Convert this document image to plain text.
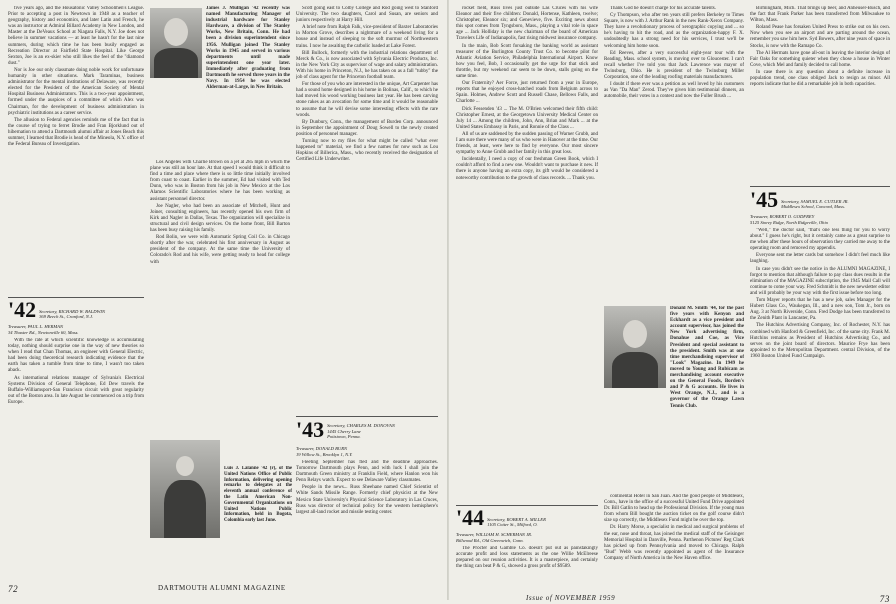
five years ago, and the Housatonic Valley Schoolmen's League. Prior to accepting a post in Newtown in 1948 as a teacher of geography, history and economics, and later Latin and French, he was an instructor at Admiral Billard Academy in New London, and Master at the DeVeaux School at Niagara Falls, N.Y. Joe does not believe in summer vacations — at least he hasn't for the last nine summers, during which time he has been busily engaged as Recreation Director at Fairfield State Hospital. Like George Sexton, Joe is an ex-skier who still likes the feel of the "diamond dust."

Nor is Joe our only classmate doing noble work for unfortunate humanity in other situations. Mark Taraminas, business administrator for the mental institutions of Delaware, was recently elected for the President of the American Society of Mental Hospital Business Administrators. This is a two-year appointment, formed under the auspices of a committee of which Alex was Chairman, for the development of business administration in psychiatric institutions as a career service.

The allusion to Federal agencies reminds me of the fact that in the course of trying to ferret Brodie and Fran Bjorklund out of hibernation to attend a Dartmouth alumni affair at Jones Beach this summer, I learned that Brodie is head of the Mineola, N.Y. office of the Federal Bureau of Investigation.

'42 Secretary, RICHARD W. BALDWIN
369 Beech St., Cranford, N.J.
Treasurer, PAUL L. HERMAN
34 Thaxter Rd., Newtonville 60, Mass.

With the rate at which scientific knowledge is accumulating today, nothing should surprise one in the way of new theories so when I read that Chan Thomas, an engineer with General Electric, had been doing theoretical research indicating evidence that the earth has taken a tumble from time to time, I wasn't too taken aback.

As international relations manager of Sylvania's Electrical Systems Division of General Telephone, Ed Dew travels the Buffalo-Williamsport-San Francisco circuit with great regularity out of the Boston area. In late August he commenced on a trip from Europe.

James J. Mulligan '42 recently was named Manufacturing Manager of industrial hardware for Stanley Hardware, a division of The Stanley Works, New Britain, Conn. He had been a division superintendent since 1956. Mulligan joined The Stanley Works in 1945 and served in various departments until made superintendent one year later. Immediately after graduating from Dartmouth he served three years in the Navy. In 1954 he was elected Alderman-at-Large, in New Britain.

Los Angeles with Charlie Brown on a jet at 285 mph in which the plane was still an hour late. At that speed I would think it difficult to find a time and place where there is so little time initially involved from coast to coast. Earlier in the summer, Ed had visited with Ted Dunn, who was in Boston from his job in New Mexico at the Los Alamos Scientific Laboratories where he has been working as assistant personnel director.

Joe Nagler, who had been an associate of Mitchell, Hunt and Joiner, consulting engineers, has recently opened his own firm of Kirk and Nagler in Dallas, Texas. The organization will specialize in structural and civil design services. On the home front, Bill Barton has been busy raising his family.

Rod Bolin, we were with Automatic Spring Coil Co. in Chicago shortly after the war, celebrated his first anniversary in August as president of the company. At the same time the University of Colorado's Rod and his wife, were getting ready to head for college with

Luis J. Lalanne '42 (r), of the United Nations Office of Public Information, delivering opening remarks to delegates at the eleventh annual conference of the Latin American Non-Governmental Organizations on United Nations Public Information, held in Bogota, Colombia early last June.

Scott going east to Colby College and Rod going west to Stanford University. The two daughters, Carol and Susan, are seniors and juniors respectively at Harry Hill.

A brief note from Ralph Falk, vice-president of Baxter Laboratories in Morton Grove, describes a nightmare of a weekend living for a house and instead of sleeping to the soft murmur of Northwestern trains. I now he awaiting the carbolic loaded at Lake Forest.

Bill Bullock, formerly with the industrial relations department of Merck & Co., is now associated with Sylvania Electric Products, Inc. in the New York City as supervisor of wage and salary administration. With his home in Princeton, N.J., he has taken on as a fall "tubby" the job of class agent for the Princeton football team.

For those of you who are interested in the unique, Art Carpenter has had a sound home designed in his home in Bolinas, Calif., to which he had moved his wood working business last year. He has been carving stone rakes as an avocation for some time and it would be reasonable to assume that he will devise some interesting effects with the rare woods.

By Dunbury, Conn., the management of Burden Corp. announced in September the appointment of Doug Sowell to the newly created position of personnel manager.

Turning now to my files for what might be called "what ever happened to" material, we find a few names for now such as Lou Hopkins of Billerica, Mass., who recently received the designation of Certified Life Underwriter.

'43 Secretary, CHARLES M. DONOVAN
1445 Cherry Lane
Pottstown, Penna.
Treasurer, DONALD BURN
19 Willow St., Brooklyn 1, N.Y.

Fleeting September has fled and the deadline approaches. Tomorrow Dartmouth plays Penn, and with luck I shall join the Dartmouth Green ministry at Franklin Field, where Hanlon won his Penn Relays watch. Expect to see Delaware Valley classmates.

People in the news... Russ Sheehane named Chief Scientist of White Sands Missile Range. Formerly chief physicist at the New Mexico State University's Physical Science Laboratory in Las Cruces, Russ was director of technical policy for the western hemisphere's largest all-land rocket and missile testing center.

72	DARTMOUTH ALUMNI MAGAZINE

rocket field, Russ lives just outside Las Cruces with his wife Eleanor and their five children: Donald, Hortense, Kathleen, twelve; Christopher, Eleanor six; and Genevieve, five. Exciting news about this spot comes from Tyngsboro, Mass., playing a vital role in space age ... Jack Holliday is the new chairman of the board of American Travelers Life of Indianapolis, fast rising midwest insurance company.

In the main, Bob Scott forsaking the banking world as assistant treasurer of the Burlington County Trust Co. to become pilot for Atlantic Aviation Service, Philadelphia International Airport. Know how you feel, Bob, I occasionally get the urge for that stick and throttle, but my weekend car seem to be down, stalls going on the same time.

Our Fraternity? Aer Force, just returned from a year in Europe, reports that he enjoyed cross-hatched roads from Belgium across to Spain. Holmes, Andrew Scott and Russell Chase, Bellows Falls, and Charlotte ...

Dick Fessenden '43 ... The M. O'Brien welcomed their fifth child: Christopher Ernest, at the Georgetown University Medical Center on July 14 ... Among the children, John, Ann, Brian and Mark ... at the United States Embassy in Paris, and Ronnie of the Class ...

All of us are saddened by the sudden passing of Warner Grubb, and I am sure there were many of us who were in Hanover at the time. Our friends, at least, were here to find by everyone. Our most sincere sympathy to Anne Grubb and her family in this great loss.

Incidentally, I need a copy of our freshman Green Book, which I couldn't afford to find a new one. Wouldn't want to purchase it new. If there is anyone having an extra copy, its gift would be considered a noteworthy contribution to the growth of class records. ... Thank you.

'44 Secretary, ROBERT A. MILLER
1105 Cotter St., Milford, O.
Treasurer, WILLIAM H. SCHERMAN JR.
Billwood Rd., Old Greenwich, Conn.

The Procter and Gamble Co. doesn't put out as painstakingly accurate profit and loss statements as the one Willie McElreese prepared on our reunion activities. It is a masterpiece, and certainly the thing can beat P & G, showed a gross profit of $9589.

Thank God he doesn't charge for his accurate talents.

Cy Thompson, who after ten years still prefers Berkeley to Times Square, is now with J. Arthur Rank in the new Rank-Xerox Company. They have a revolutionary process of xerographic copying and ... so he's having to hit the road, and as the organization-happy F. X. undoubtedly has a strong need for his services, I trust we'll be welcoming him home soon.

Ed Reeves, after a very successful eight-year tour with the Reading, Mass. school system, is moving over to Gloucester. I can't recall whether I've told you that Jack Lawrence was mayor of Twinsburg, Ohio. He is president of the Twinsburg Miller Corporation, one of the leading roofing materials manufacturers.

I doubt if there ever was a petition as well loved by his customers as Van "Da Man" Zerod. They've given him testimonial dinners, an automobile, their votes in a contest and now the Fuller Brush ...

Donald M. Smith '44, for the past five years with Kenyon and Eckhardt as a vice president and account supervisor, has joined the New York advertising firm, Donahue and Coe, as Vice President and special assistant to the president. Smith was at one time merchandising supervisor of "Look" Magazine. In 1949 he moved to Young and Rubicam as merchandising account executive on the General Foods, Borden's and P & G accounts. He lives in West Orange, N.J., and is a governor of the Orange Lawn Tennis Club.

continental Hotel in San Juan. And the good people of Middlesex, Conn., have in the office of a successful United Fund Drive appointed Dr. Bill Gatlin to head up the Professional Division. If the young man from whom Bill bought the auction ticket on the golf course didn't size up correctly, the Middlesex Fund might be over the top.

Dr. Harry Morse, a specialist in medical and surgical problems of the ear, nose and throat, has joined the medical staff of the Geisinger Memorial Hospital in Danville, Penna. Parthenon Pictures' Reg Clark has picked up from Pennsylvania and moved to Chicago. Ralph "Bud" Webb was recently appointed as agent of the Insurance Company of North America in the New Haven office.

Birmingham, Mich. That brings up beer, and Anheuser-Busch, and the fact that Frank Parker has been transferred from Milwaukee to Wilton, Mass.

Roland Pease has forsaken United Press to strike out on his own. Now when you see an airport and are parting around the ocean, remember you saw him here. Syd Bowers, after nine years of space in Stocks, is now with the Ramapo Co.

The Al Hermats have gone all-out in leaving the interior design of Fair Oaks for something quieter when they chose a house in Winter Cove, which Mel and family decided to call home.

In case there is any question about a definite increase in population trend, one class obliged Jack to resign as minor. All reports indicate that he did a remarkable job in both capacities.

'45 Secretary, SAMUEL E. CUTLER JR.
Middlesex School, Concord, Mass.
Treasurer, ROBERT O. GODFREY
5125 Storey Ridge, North Ridgeville, Ohio

"Well," the doctor said, "that's one less thing for you to worry about." I guess he's right, but it certainly came as a great surprise to me when after these hours of observation they carried me away to the operating room and removed my appendix.

Everyone sent me letter cards but somehow I didn't feel much like laughing.

In case you didn't see the notice in the ALUMNI MAGAZINE, I forgot to mention that although failure to pay class dues results in the elimination of the MAGAZINE subscription, the 1945 Mail Call will continue to come your way. Fred Schmidt is the new newsletter editor and will probably be your way with the first issue before too long.

Tom Mayer reports that he has a new job, sales Manager for the Hubert Glass Co., Waukegan, Ill., and a new son, Tom Jr., born on Aug. 3 at North Riverside, Conn. Fred Dodge has been transferred to the Zenith Plant in Lancaster, Pa.

The Hutchins Advertising Company, Inc. of Rochester, N.Y. has combined with Hanford & Greenfield, Inc. of the same city. Frank M. Hutchins remains as President of Hutchins Advertising Co., and serves on the joint board of directors. Maurice Frye has been appointed to the Metropolitan Department. central Division, of the 1960 Boston United Fund Campaign.

Issue of NOVEMBER 1959	73
